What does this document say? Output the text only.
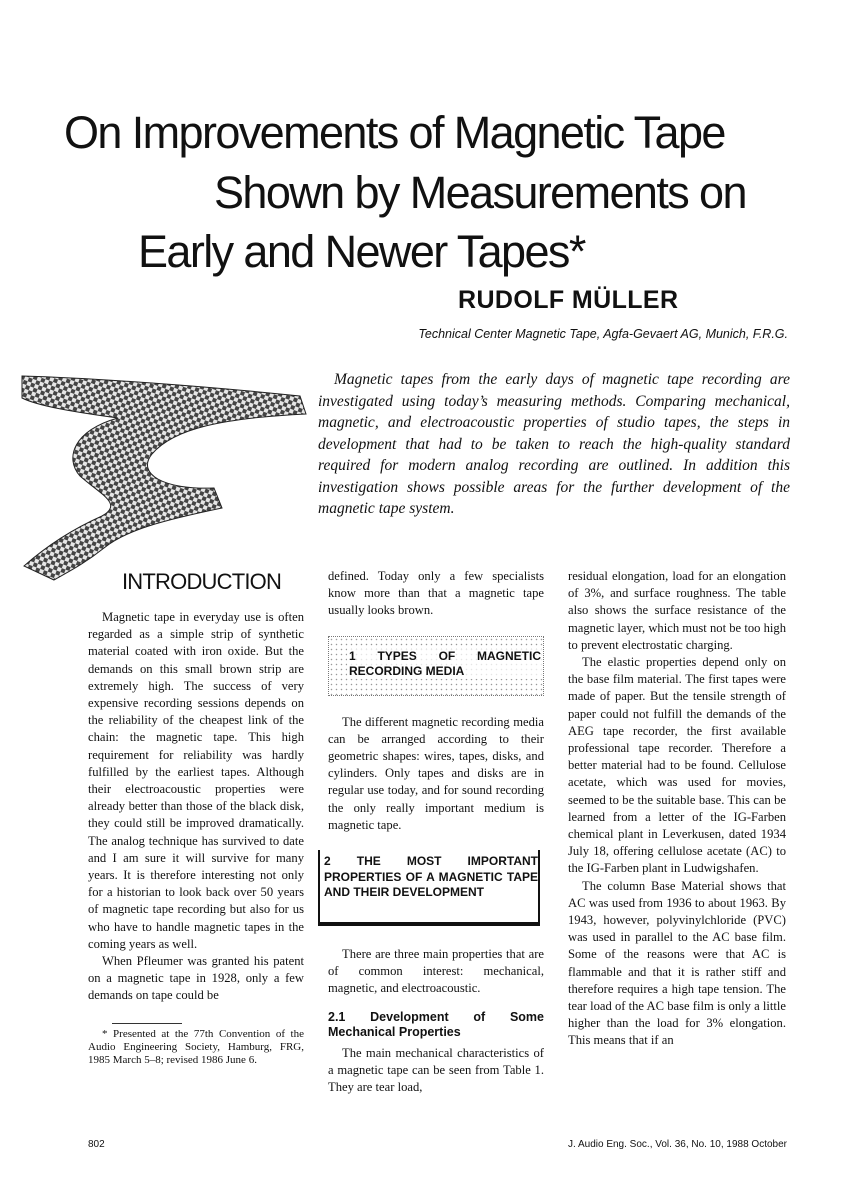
On Improvements of Magnetic Tape
Shown by Measurements on
Early and Newer Tapes*

RUDOLF MÜLLER

Technical Center Magnetic Tape, Agfa-Gevaert AG, Munich, F.R.G.

Magnetic tapes from the early days of magnetic tape recording are investigated using today’s measuring methods. Comparing mechanical, magnetic, and electroacoustic properties of studio tapes, the steps in development that had to be taken to reach the high-quality standard required for modern analog recording are outlined. In addition this investigation shows possible areas for the further development of the magnetic tape system.

INTRODUCTION

Magnetic tape in everyday use is often regarded as a simple strip of synthetic material coated with iron oxide. But the demands on this small brown strip are extremely high. The success of very expensive recording sessions depends on the reliability of the cheapest link of the chain: the magnetic tape. This high requirement for reliability was hardly fulfilled by the earliest tapes. Although their electroacoustic properties were already better than those of the black disk, they could still be improved dramatically. The analog technique has survived to date and I am sure it will survive for many years. It is therefore interesting not only for a historian to look back over 50 years of magnetic tape recording but also for us who have to handle magnetic tapes in the coming years as well.

When Pfleumer was granted his patent on a magnetic tape in 1928, only a few demands on tape could be

* Presented at the 77th Convention of the Audio Engineering Society, Hamburg, FRG, 1985 March 5–8; revised 1986 June 6.

defined. Today only a few specialists know more than that a magnetic tape usually looks brown.

1 TYPES OF MAGNETIC RECORDING MEDIA

The different magnetic recording media can be arranged according to their geometric shapes: wires, tapes, disks, and cylinders. Only tapes and disks are in regular use today, and for sound recording the only really important medium is magnetic tape.

2 THE MOST IMPORTANT PROPERTIES OF A MAGNETIC TAPE AND THEIR DEVELOPMENT

There are three main properties that are of common interest: mechanical, magnetic, and electroacoustic.

2.1 Development of Some Mechanical Properties

The main mechanical characteristics of a magnetic tape can be seen from Table 1. They are tear load,

residual elongation, load for an elongation of 3%, and surface roughness. The table also shows the surface resistance of the magnetic layer, which must not be too high to prevent electrostatic charging.

The elastic properties depend only on the base film material. The first tapes were made of paper. But the tensile strength of paper could not fulfill the demands of the AEG tape recorder, the first available professional tape recorder. Therefore a better material had to be found. Cellulose acetate, which was used for movies, seemed to be the suitable base. This can be learned from a letter of the IG-Farben chemical plant in Leverkusen, dated 1934 July 18, offering cellulose acetate (AC) to the IG-Farben plant in Ludwigshafen.

The column Base Material shows that AC was used from 1936 to about 1963. By 1943, however, polyvinylchloride (PVC) was used in parallel to the AC base film. Some of the reasons were that AC is flammable and that it is rather stiff and therefore requires a high tape tension. The tear load of the AC base film is only a little higher than the load for 3% elongation. This means that if an

802	J. Audio Eng. Soc., Vol. 36, No. 10, 1988 October
